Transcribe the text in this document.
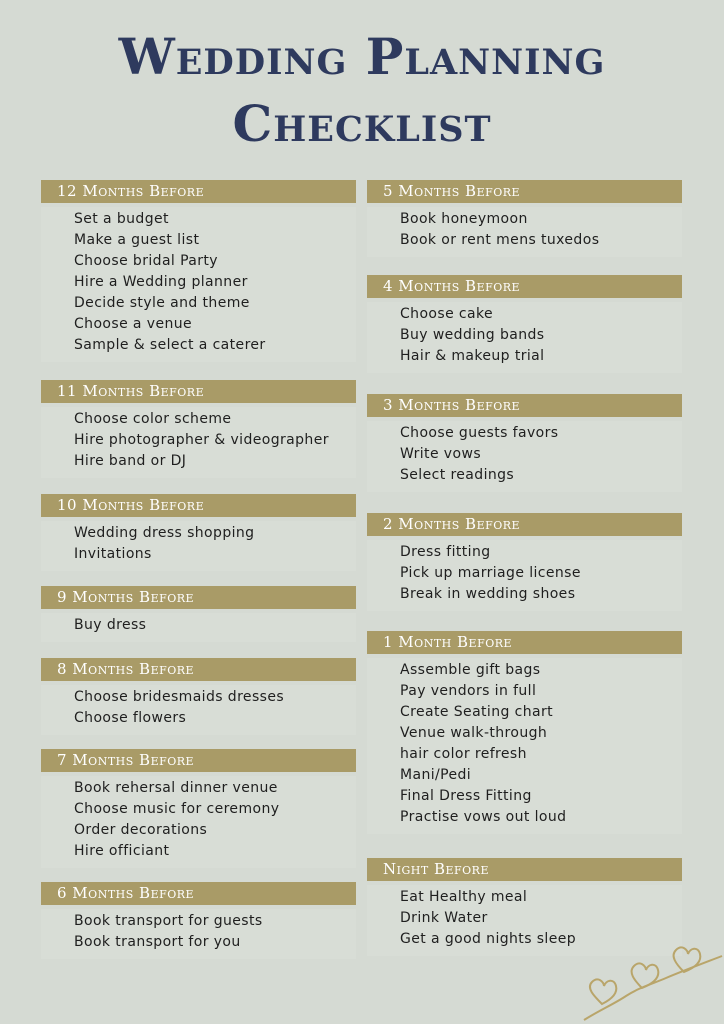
Wedding Planning
Checklist
12 Months Before
Set a budget
Make a guest list
Choose bridal Party
Hire a Wedding planner
Decide style and theme
Choose a venue
Sample & select a caterer
11 Months Before
Choose color scheme
Hire photographer & videographer
Hire band or DJ
10 Months Before
Wedding dress shopping
Invitations
9 Months Before
Buy dress
8 Months Before
Choose bridesmaids dresses
Choose flowers
7 Months Before
Book rehersal dinner venue
Choose music for ceremony
Order decorations
Hire officiant
6 Months Before
Book transport for guests
Book transport for you
5 Months Before
Book honeymoon
Book or rent mens tuxedos
4 Months Before
Choose cake
Buy wedding bands
Hair & makeup trial
3 Months Before
Choose guests favors
Write vows
Select readings
2 Months Before
Dress fitting
Pick up marriage license
Break in wedding shoes
1 Month Before
Assemble gift bags
Pay vendors in full
Create Seating chart
Venue walk-through
hair color refresh
Mani/Pedi
Final Dress Fitting
Practise vows out loud
Night Before
Eat Healthy meal
Drink Water
Get a good nights sleep
